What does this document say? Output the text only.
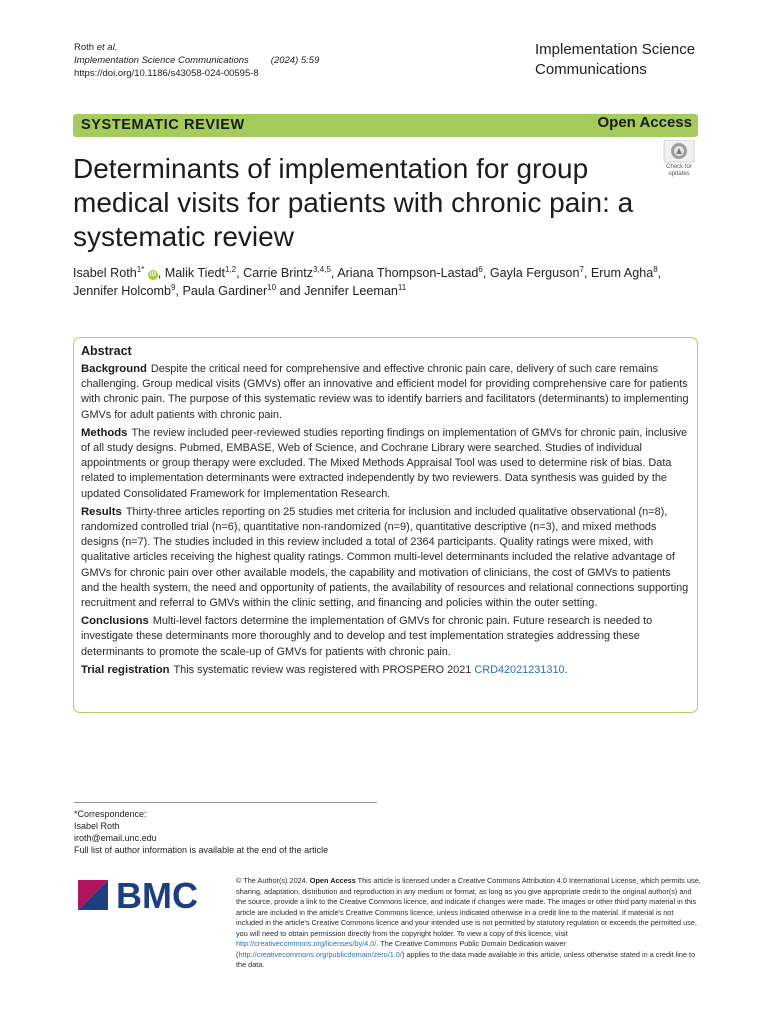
Roth et al.
Implementation Science Communications (2024) 5:59
https://doi.org/10.1186/s43058-024-00595-8
Implementation Science
Communications
SYSTEMATIC REVIEW	Open Access
Determinants of implementation for group medical visits for patients with chronic pain: a systematic review
Check for
updates
Isabel Roth$^{1*}$ iD , Malik Tiedt$^{1,2}$, Carrie Brintz$^{3,4,5}$, Ariana Thompson-Lastad$^6$, Gayla Ferguson$^7$, Erum Agha$^8$, Jennifer Holcomb$^9$, Paula Gardiner$^{10}$ and Jennifer Leeman$^{11}$
Abstract

Background Despite the critical need for comprehensive and effective chronic pain care, delivery of such care remains challenging. Group medical visits (GMVs) offer an innovative and efficient model for providing comprehensive care for patients with chronic pain. The purpose of this systematic review was to identify barriers and facilitators (determinants) to implementing GMVs for adult patients with chronic pain.

Methods The review included peer-reviewed studies reporting findings on implementation of GMVs for chronic pain, inclusive of all study designs. Pubmed, EMBASE, Web of Science, and Cochrane Library were searched. Studies of individual appointments or group therapy were excluded. The Mixed Methods Appraisal Tool was used to determine risk of bias. Data related to implementation determinants were extracted independently by two reviewers. Data synthesis was guided by the updated Consolidated Framework for Implementation Research.

Results Thirty-three articles reporting on 25 studies met criteria for inclusion and included qualitative observational (n=8), randomized controlled trial (n=6), quantitative non-randomized (n=9), quantitative descriptive (n=3), and mixed methods designs (n=7). The studies included in this review included a total of 2364 participants. Quality ratings were mixed, with qualitative articles receiving the highest quality ratings. Common multi-level determinants included the relative advantage of GMVs for chronic pain over other available models, the capability and motivation of clinicians, the cost of GMVs to patients and the health system, the need and opportunity of patients, the availability of resources and relational connections supporting recruitment and referral to GMVs within the clinic setting, and financing and policies within the outer setting.

Conclusions Multi-level factors determine the implementation of GMVs for chronic pain. Future research is needed to investigate these determinants more thoroughly and to develop and test implementation strategies addressing these determinants to promote the scale-up of GMVs for patients with chronic pain.

Trial registration This systematic review was registered with PROSPERO 2021 CRD42021231310.

*Correspondence:
Isabel Roth
iroth@email.unc.edu
Full list of author information is available at the end of the article
BMC	© The Author(s) 2024. Open Access This article is licensed under a Creative Commons Attribution 4.0 International License, which permits use, sharing, adaptation, distribution and reproduction in any medium or format, as long as you give appropriate credit to the original author(s) and the source, provide a link to the Creative Commons licence, and indicate if changes were made. The images or other third party material in this article are included in the article's Creative Commons licence, unless indicated otherwise in a credit line to the material. If material is not included in the article's Creative Commons licence and your intended use is not permitted by statutory regulation or exceeds the permitted use, you will need to obtain permission directly from the copyright holder. To view a copy of this licence, visit http://creativecommons.org/licenses/by/4.0/. The Creative Commons Public Domain Dedication waiver (http://creativecommons.org/publicdomain/zero/1.0/) applies to the data made available in this article, unless otherwise stated in a credit line to the data.
